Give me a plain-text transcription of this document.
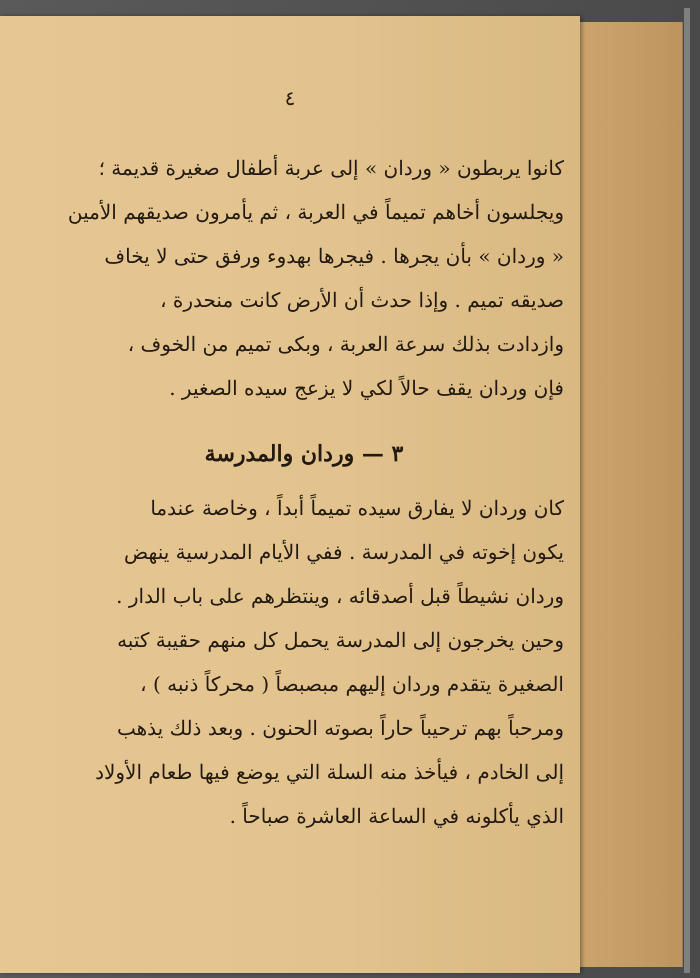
٤
كانوا يربطون « وردان » إلى عربة أطفال صغيرة قديمة ؛
ويجلسون أخاهم تميماً في العربة ، ثم يأمرون صديقهم الأمين
« وردان » بأن يجرها . فيجرها بهدوء ورفق حتى لا يخاف
صديقه تميم . وإذا حدث أن الأرض كانت منحدرة ،
وازدادت بذلك سرعة العربة ، وبكى تميم من الخوف ،
فإن وردان يقف حالاً لكي لا يزعج سيده الصغير .
٣ — وردان والمدرسة
كان وردان لا يفارق سيده تميماً أبداً ، وخاصة عندما
يكون إخوته في المدرسة . ففي الأيام المدرسية ينهض
وردان نشيطاً قبل أصدقائه ، وينتظرهم على باب الدار .
وحين يخرجون إلى المدرسة يحمل كل منهم حقيبة كتبه
الصغيرة يتقدم وردان إليهم مبصبصاً ( محركاً ذنبه ) ،
ومرحباً بهم ترحيباً حاراً بصوته الحنون . وبعد ذلك يذهب
إلى الخادم ، فيأخذ منه السلة التي يوضع فيها طعام الأولاد
الذي يأكلونه في الساعة العاشرة صباحاً .
